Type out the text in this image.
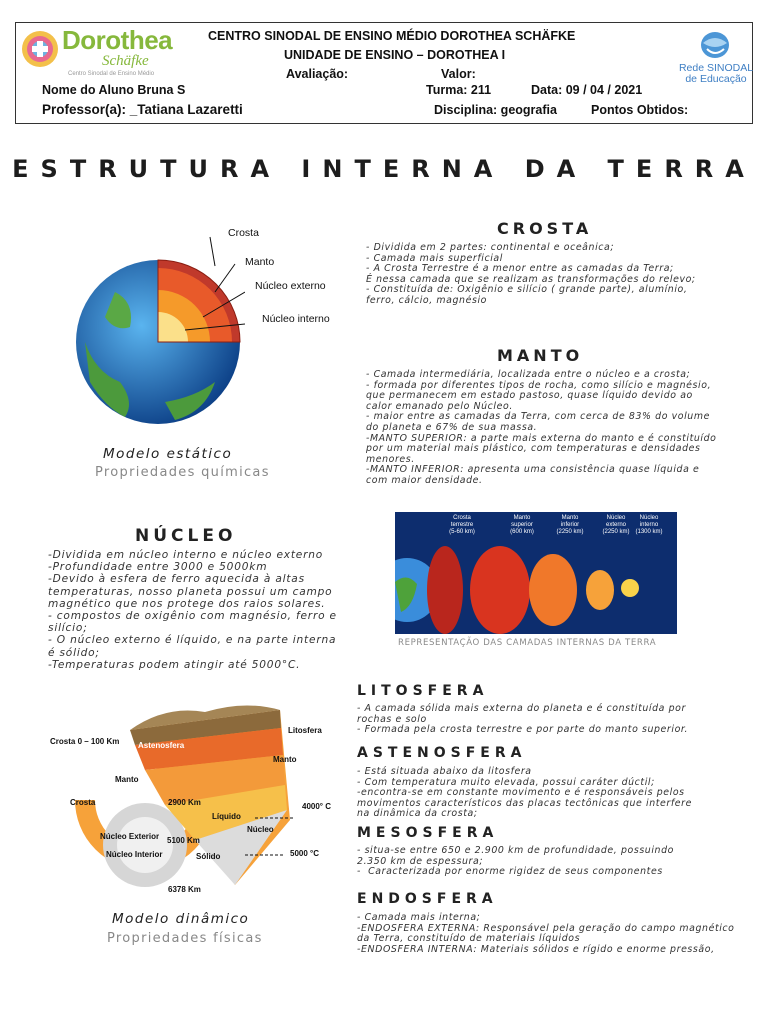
Dorothea
Schäfke
Centro Sinodal de Ensino Médio
CENTRO SINODAL DE ENSINO MÉDIO DOROTHEA SCHÄFKE
UNIDADE DE ENSINO – DOROTHEA I
Avaliação:	Valor:
Nome do Aluno Bruna S	Turma: 211	Data: 09 / 04 / 2021
Professor(a): _Tatiana Lazaretti	Disciplina: geografia	Pontos Obtidos:
Rede SINODAL
de Educação
ESTRUTURA INTERNA DA TERRA
Crosta
Manto
Núcleo externo
Núcleo interno
Modelo estático
Propriedades químicas
CROSTA

- Dividida em 2 partes: continental e oceânica;

- Camada mais superficial

- A Crosta Terrestre é a menor entre as camadas da Terra;

É nessa camada que se realizam as transformações do relevo;

- Constituída de: Oxigênio e silício ( grande parte), alumínio,

ferro, cálcio, magnésio

MANTO

- Camada intermediária, localizada entre o núcleo e a crosta;

- formada por diferentes tipos de rocha, como silício e magnésio,

que permanecem em estado pastoso, quase líquido devido ao

calor emanado pelo Núcleo.

- maior entre as camadas da Terra, com cerca de 83% do volume

do planeta e 67% de sua massa.

-MANTO SUPERIOR: a parte mais externa do manto e é constituído

por um material mais plástico, com temperaturas e densidades

menores.

-MANTO INFERIOR: apresenta uma consistência quase líquida e

com maior densidade.

NÚCLEO

-Dividida em núcleo interno e núcleo externo

-Profundidade entre 3000 e 5000km

-Devido à esfera de ferro aquecida à altas

temperaturas, nosso planeta possui um campo

magnético que nos protege dos raios solares.

- compostos de oxigênio com magnésio, ferro e

silício;

- O núcleo externo é líquido, e na parte interna

é sólido;

-Temperaturas podem atingir até 5000°C.

Crosta
terrestre
(5-60 km)
Manto
superior
(600 km)
Manto
inferior
(2250 km)
Núcleo
externo
(2250 km)
Núcleo
interno
(1300 km)
REPRESENTAÇÃO DAS CAMADAS INTERNAS DA TERRA
Crosta 0 – 100 Km Astenosfera
Litosfera
Manto
Manto
Crosta	2900 Km
Líquido
Núcleo
4000° C
Núcleo Exterior 5100 Km
Núcleo Interior	Sólido	5000 °C
6378 Km
Modelo dinâmico
Propriedades físicas
LITOSFERA

- A camada sólida mais externa do planeta e é constituída por

rochas e solo

- Formada pela crosta terrestre e por parte do manto superior.

ASTENOSFERA

- Está situada abaixo da litosfera

- Com temperatura muito elevada, possui caráter dúctil;

-encontra-se em constante movimento e é responsáveis pelos

movimentos característicos das placas tectônicas que interfere

na dinâmica da crosta;

MESOSFERA

- situa-se entre 650 e 2.900 km de profundidade, possuindo

2.350 km de espessura;

-  Caracterizada por enorme rigidez de seus componentes

ENDOSFERA

- Camada mais interna;

-ENDOSFERA EXTERNA: Responsável pela geração do campo magnético

da Terra, constituído de materiais líquidos

-ENDOSFERA INTERNA: Materiais sólidos e rígido e enorme pressão,
